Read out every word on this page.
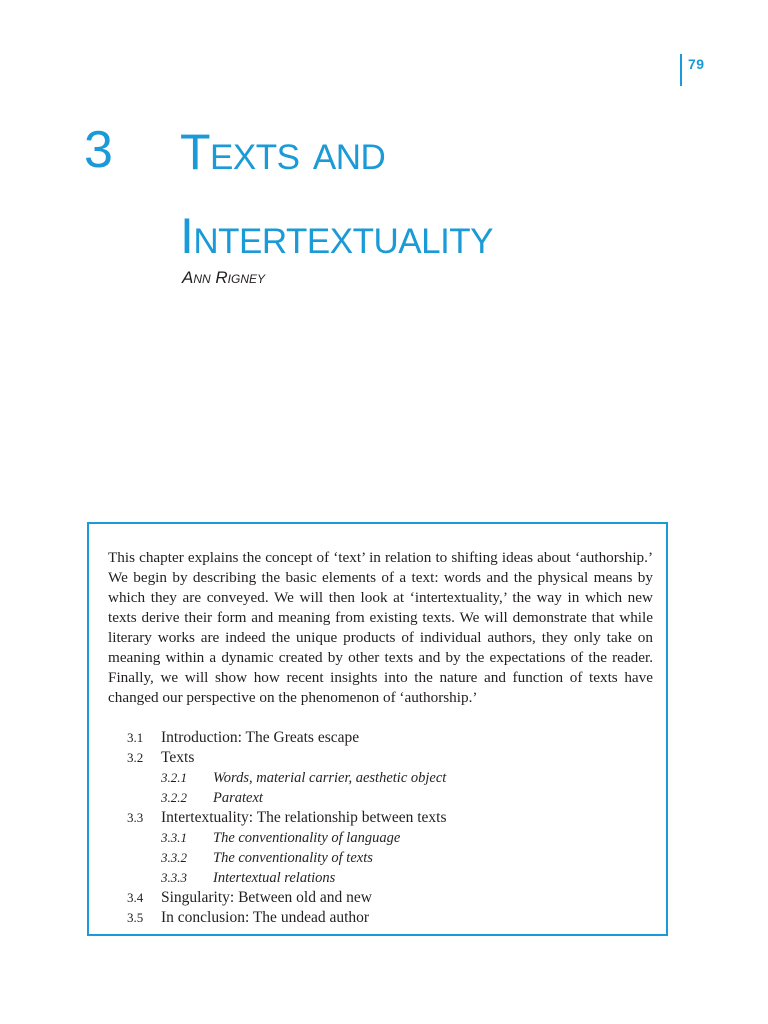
79
3 Texts and
Intertextuality
Ann Rigney

This chapter explains the concept of ‘text’ in relation to shifting ideas about ‘authorship.’ We begin by describing the basic elements of a text: words and the physical means by which they are conveyed. We will then look at ‘intertextuality,’ the way in which new texts derive their form and meaning from existing texts. We will demonstrate that while literary works are indeed the unique products of individual authors, they only take on meaning within a dynamic created by other texts and by the expectations of the reader. Finally, we will show how recent insights into the nature and function of texts have changed our perspective on the phenomenon of ‘authorship.’

3.1 Introduction: The Greats escape
3.2 Texts
3.2.1 Words, material carrier, aesthetic object
3.2.2 Paratext
3.3 Intertextuality: The relationship between texts
3.3.1 The conventionality of language
3.3.2 The conventionality of texts
3.3.3 Intertextual relations
3.4 Singularity: Between old and new
3.5 In conclusion: The undead author
